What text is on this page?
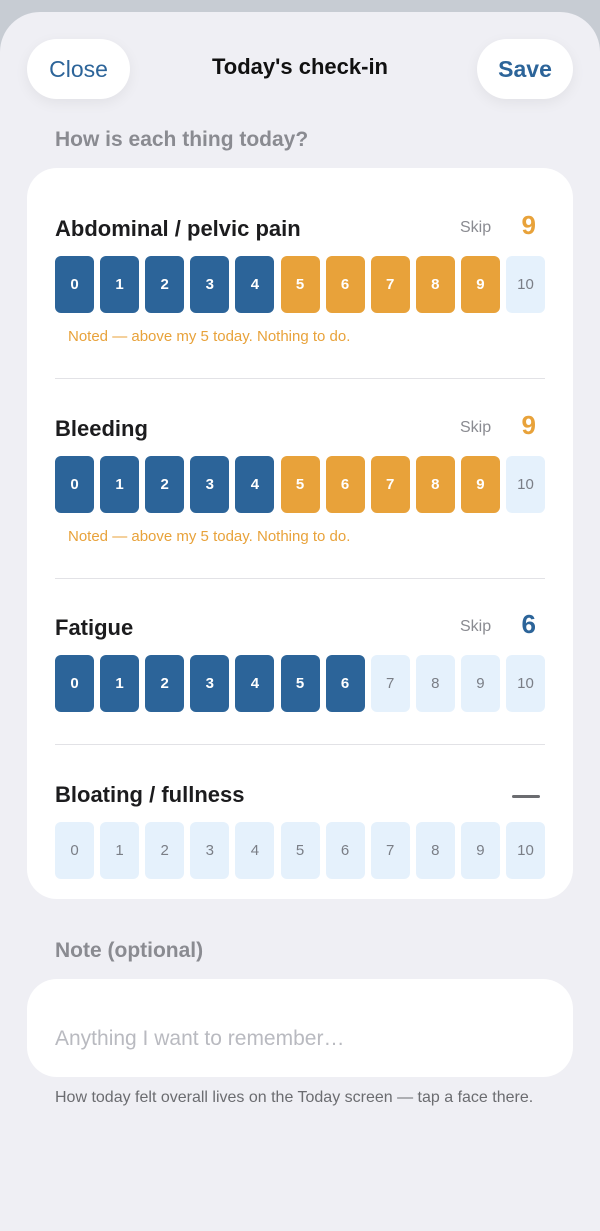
Close	Today's check-in	Save
How is each thing today?
Abdominal / pelvic pain	Skip 9
0	1	2	3	4	5	6	7	8	9	10
Noted — above my 5 today. Nothing to do.
Bleeding	Skip 9
0	1	2	3	4	5	6	7	8	9	10
Noted — above my 5 today. Nothing to do.
Fatigue	Skip 6
0	1	2	3	4	5	6	7	8	9	10
Bloating / fullness
0	1	2	3	4	5	6	7	8	9	10
Note (optional)
Anything I want to remember…
How today felt overall lives on the Today screen — tap a face there.
